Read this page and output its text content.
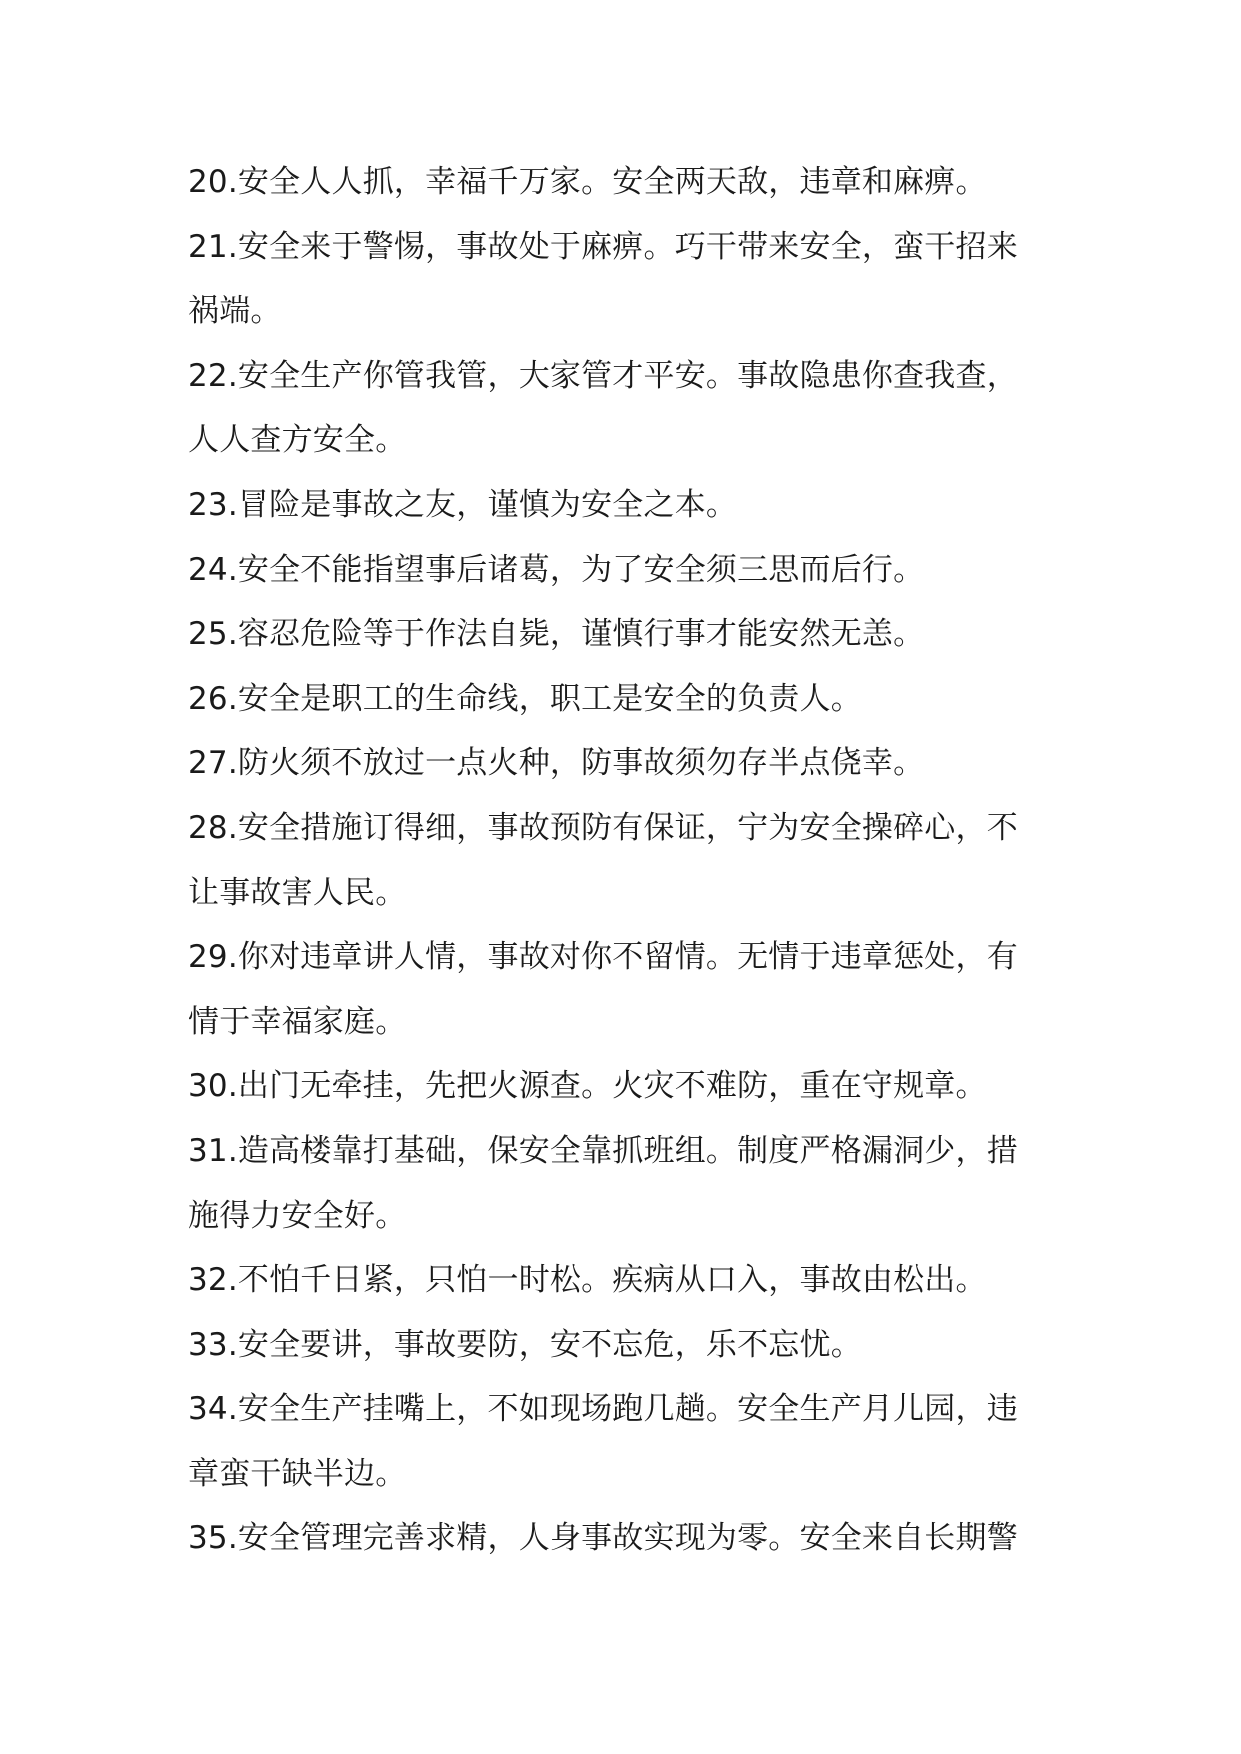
20.安全人人抓，幸福千万家。安全两天敌，违章和麻痹。
21.安全来于警惕，事故处于麻痹。巧干带来安全，蛮干招来
祸端。
22.安全生产你管我管，大家管才平安。事故隐患你查我查，
人人查方安全。
23.冒险是事故之友，谨慎为安全之本。
24.安全不能指望事后诸葛，为了安全须三思而后行。
25.容忍危险等于作法自毙，谨慎行事才能安然无恙。
26.安全是职工的生命线，职工是安全的负责人。
27.防火须不放过一点火种，防事故须勿存半点侥幸。
28.安全措施订得细，事故预防有保证，宁为安全操碎心，不
让事故害人民。
29.你对违章讲人情，事故对你不留情。无情于违章惩处，有
情于幸福家庭。
30.出门无牵挂，先把火源查。火灾不难防，重在守规章。
31.造高楼靠打基础，保安全靠抓班组。制度严格漏洞少，措
施得力安全好。
32.不怕千日紧，只怕一时松。疾病从口入，事故由松出。
33.安全要讲，事故要防，安不忘危，乐不忘忧。
34.安全生产挂嘴上，不如现场跑几趟。安全生产月儿园，违
章蛮干缺半边。
35.安全管理完善求精，人身事故实现为零。安全来自长期警
